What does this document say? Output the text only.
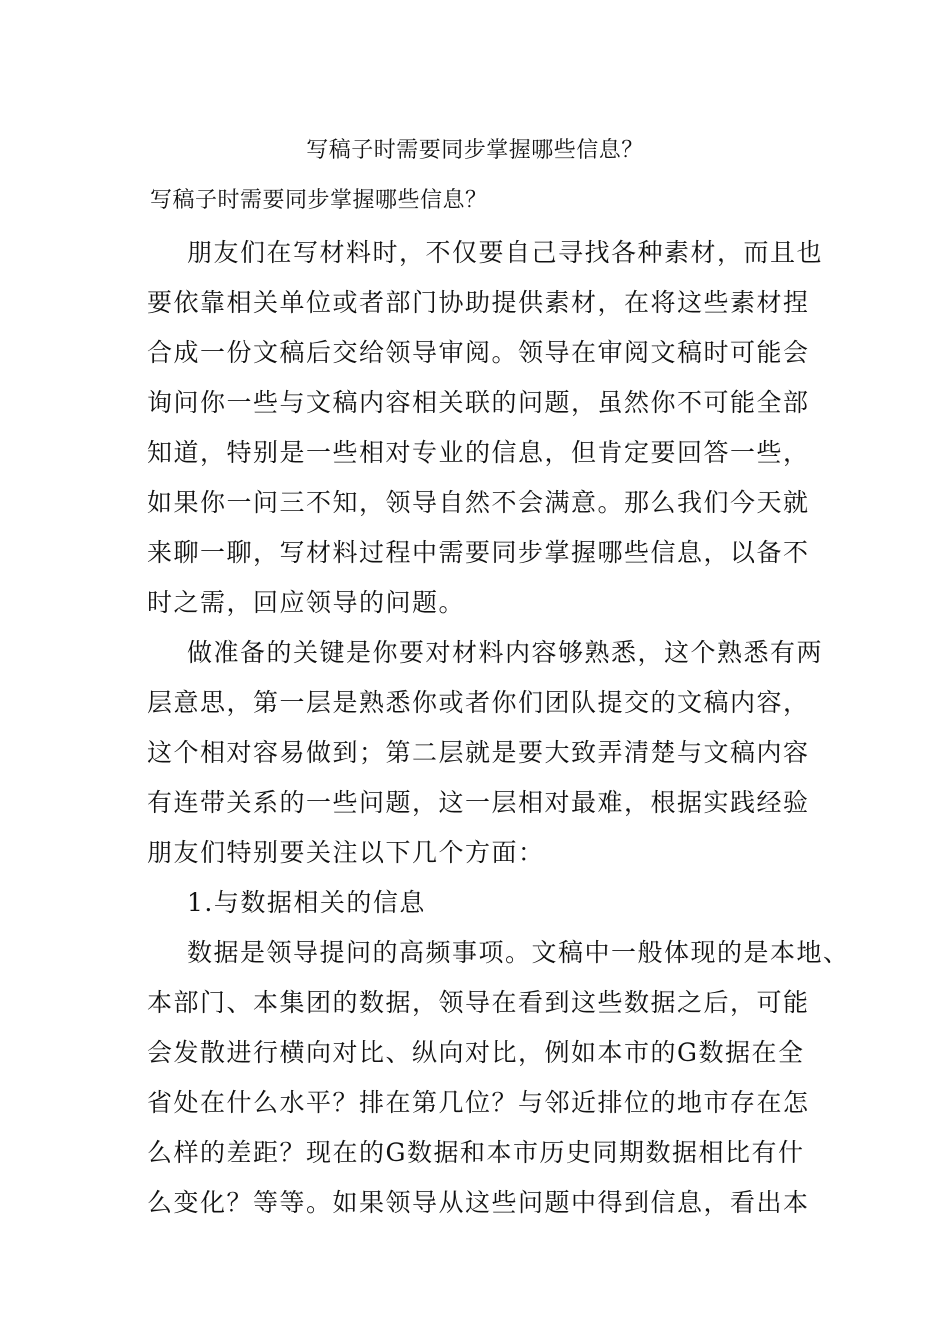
写稿子时需要同步掌握哪些信息？
写稿子时需要同步掌握哪些信息？
朋友们在写材料时，不仅要自己寻找各种素材，而且也
要依靠相关单位或者部门协助提供素材，在将这些素材捏
合成一份文稿后交给领导审阅。领导在审阅文稿时可能会
询问你一些与文稿内容相关联的问题，虽然你不可能全部
知道，特别是一些相对专业的信息，但肯定要回答一些，
如果你一问三不知，领导自然不会满意。那么我们今天就
来聊一聊，写材料过程中需要同步掌握哪些信息，以备不
时之需，回应领导的问题。
做准备的关键是你要对材料内容够熟悉，这个熟悉有两
层意思，第一层是熟悉你或者你们团队提交的文稿内容，
这个相对容易做到；第二层就是要大致弄清楚与文稿内容
有连带关系的一些问题，这一层相对最难，根据实践经验
朋友们特别要关注以下几个方面：
1.与数据相关的信息
数据是领导提问的高频事项。文稿中一般体现的是本地、
本部门、本集团的数据，领导在看到这些数据之后，可能
会发散进行横向对比、纵向对比，例如本市的G数据在全
省处在什么水平？排在第几位？与邻近排位的地市存在怎
么样的差距？现在的G数据和本市历史同期数据相比有什
么变化？等等。如果领导从这些问题中得到信息，看出本
